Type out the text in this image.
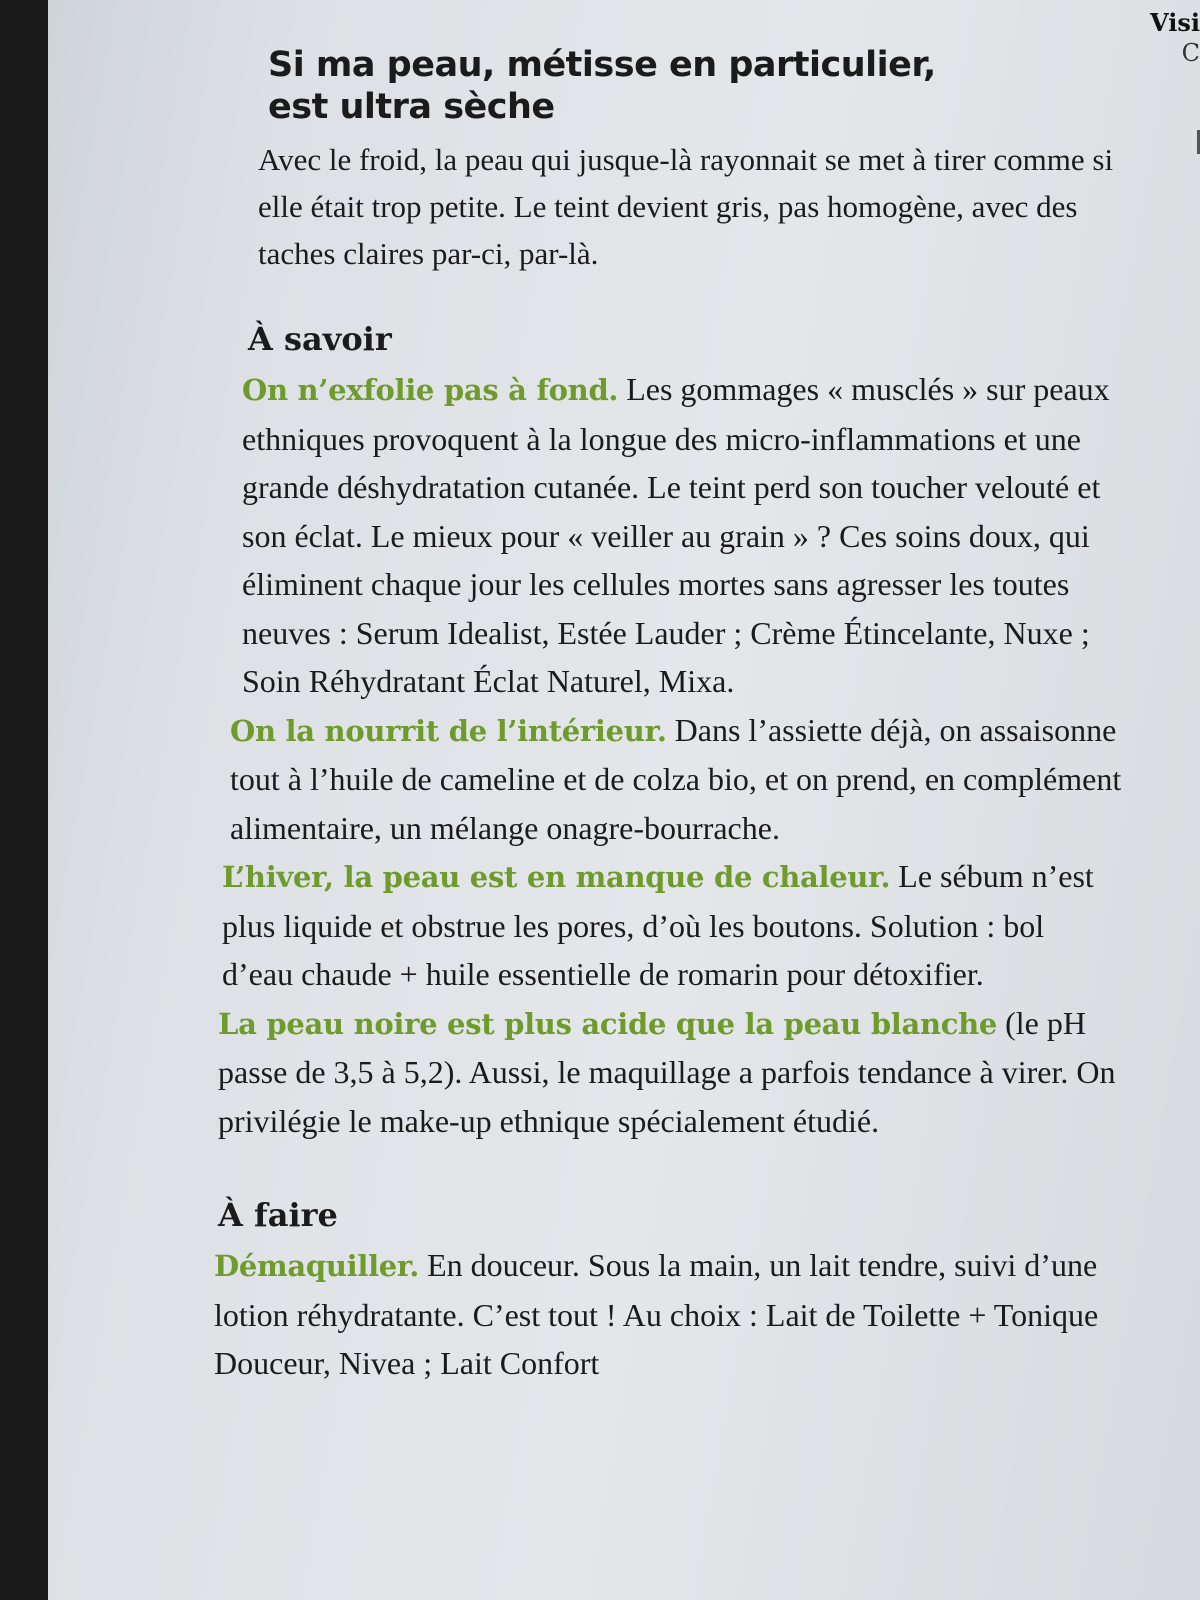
Visi
C
Si ma peau, métisse en particulier,
est ultra sèche

Avec le froid, la peau qui jusque-là rayonnait se met à tirer comme si elle était trop petite. Le teint devient gris, pas homogène, avec des taches claires par-ci, par-là.

À savoir

On n’exfolie pas à fond. Les gommages « musclés » sur peaux ethniques provoquent à la longue des micro-inflammations et une grande déshydratation cutanée. Le teint perd son toucher velouté et son éclat. Le mieux pour « veiller au grain » ? Ces soins doux, qui éliminent chaque jour les cellules mortes sans agresser les toutes neuves : Serum Idealist, Estée Lauder ; Crème Étincelante, Nuxe ; Soin Réhydratant Éclat Naturel, Mixa.

On la nourrit de l’intérieur. Dans l’assiette déjà, on assaisonne tout à l’huile de cameline et de colza bio, et on prend, en complément alimentaire, un mélange onagre-bourrache.

L’hiver, la peau est en manque de chaleur. Le sébum n’est plus liquide et obstrue les pores, d’où les boutons. Solution : bol d’eau chaude + huile essentielle de romarin pour détoxifier.

La peau noire est plus acide que la peau blanche (le pH passe de 3,5 à 5,2). Aussi, le maquillage a parfois tendance à virer. On privilégie le make-up ethnique spécialement étudié.

À faire

Démaquiller. En douceur. Sous la main, un lait tendre, suivi d’une lotion réhydratante. C’est tout ! Au choix : Lait de Toilette + Tonique Douceur, Nivea ; Lait Confort
